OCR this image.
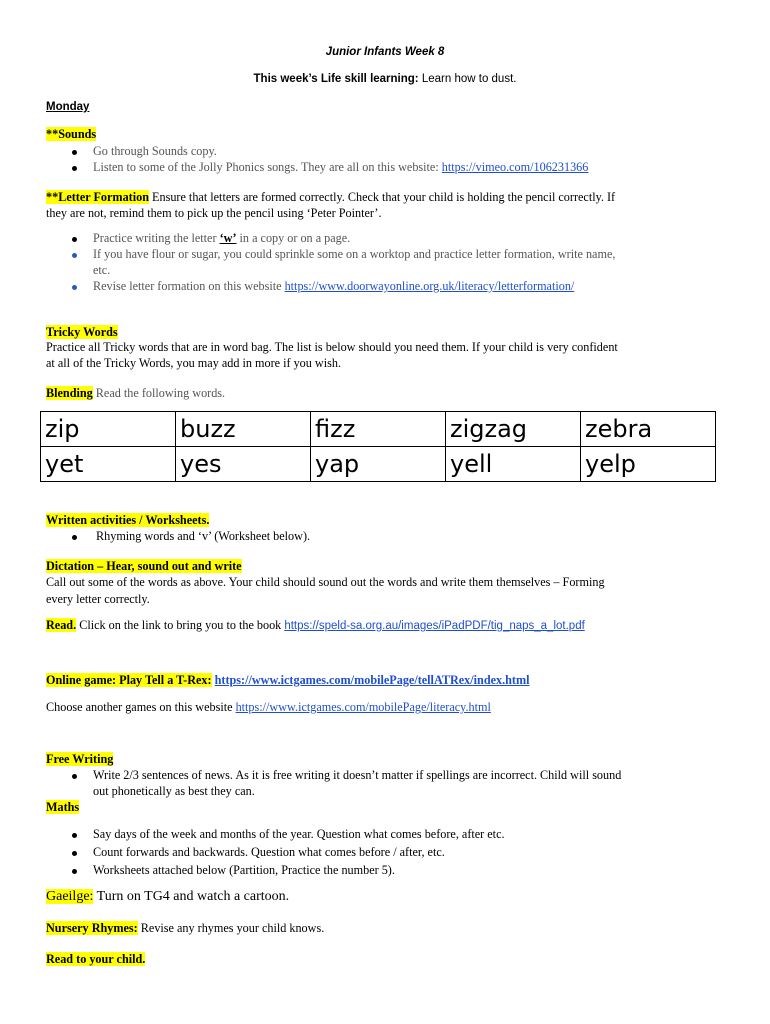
Junior Infants Week 8
This week’s Life skill learning: Learn how to dust.
Monday
**Sounds
Go through Sounds copy.
Listen to some of the Jolly Phonics songs. They are all on this website: https://vimeo.com/106231366
**Letter Formation Ensure that letters are formed correctly. Check that your child is holding the pencil correctly. If
they are not, remind them to pick up the pencil using ‘Peter Pointer’.
Practice writing the letter ‘w’ in a copy or on a page.
If you have flour or sugar, you could sprinkle some on a worktop and practice letter formation, write name,
etc.
Revise letter formation on this website https://www.doorwayonline.org.uk/literacy/letterformation/
Tricky Words
Practice all Tricky words that are in word bag. The list is below should you need them. If your child is very confident
at all of the Tricky Words, you may add in more if you wish.
Blending Read the following words.
zip	buzz	fizz	zigzag	zebra
yet	yes	yap	yell	yelp
Written activities / Worksheets.
Rhyming words and ‘v’ (Worksheet below).
Dictation – Hear, sound out and write
Call out some of the words as above. Your child should sound out the words and write them themselves – Forming
every letter correctly.
Read. Click on the link to bring you to the book https://speld-sa.org.au/images/iPadPDF/tig_naps_a_lot.pdf
Online game: Play Tell a T-Rex: https://www.ictgames.com/mobilePage/tellATRex/index.html
Choose another games on this website https://www.ictgames.com/mobilePage/literacy.html
Free Writing
Write 2/3 sentences of news. As it is free writing it doesn’t matter if spellings are incorrect. Child will sound
out phonetically as best they can.
Maths
Say days of the week and months of the year. Question what comes before, after etc.
Count forwards and backwards. Question what comes before / after, etc.
Worksheets attached below (Partition, Practice the number 5).
Gaeilge: Turn on TG4 and watch a cartoon.
Nursery Rhymes: Revise any rhymes your child knows.
Read to your child.
